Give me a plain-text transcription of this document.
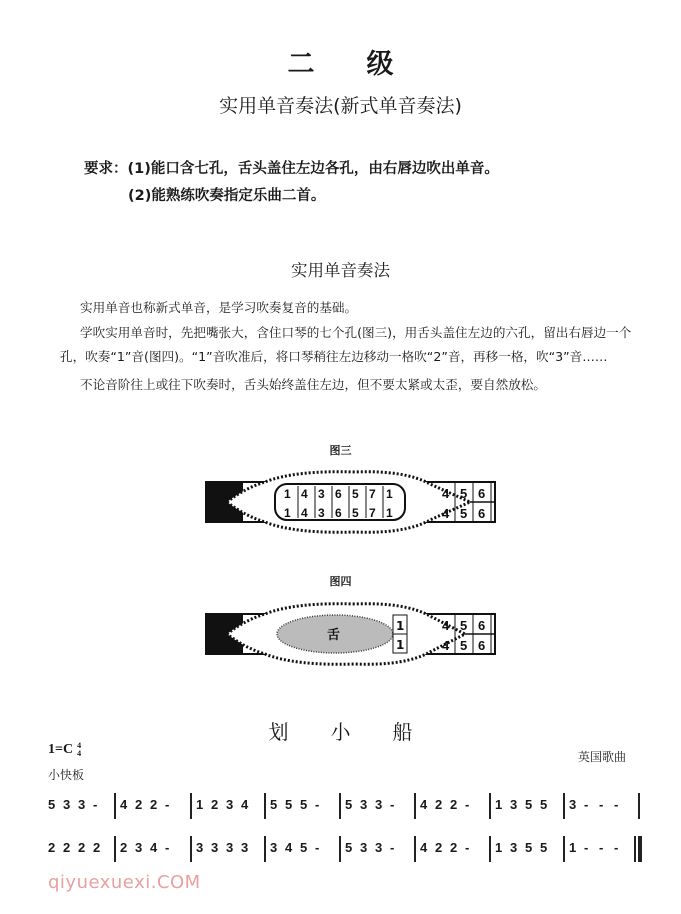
二 级
实用单音奏法(新式单音奏法)
要求：(1)能口含七孔，舌头盖住左边各孔，由右唇边吹出单音。
(2)能熟练吹奏指定乐曲二首。
实用单音奏法

实用单音也称新式单音，是学习吹奏复音的基础。

学吹实用单音时，先把嘴张大，含住口琴的七个孔(图三)，用舌头盖住左边的六孔，留出右唇边一个孔，吹奏“1”音(图四)。“1”音吹准后，将口琴稍往左边移动一格吹“2”音，再移一格，吹“3”音……

不论音阶往上或往下吹奏时，舌头始终盖住左边，但不要太紧或太歪，要自然放松。

图三
1
1
4
4
3
3
6
6
5
5
7
7
1
1
4
4
5
5
6
6
图四
舌
1
1
4
4
5
5
6
6
划 小 船
1=C 4
4	英国歌曲
小快板
5 3 3 -	4 2 2 -	1 2 3 4	5 5 5 -	5 3 3 -	4 2 2 -	1 3 5 5	3 - - -
2 2 2 2	2 3 4 -	3 3 3 3	3 4 5 -	5 3 3 -	4 2 2 -	1 3 5 5	1 - - -
qiyuexuexi.COM
